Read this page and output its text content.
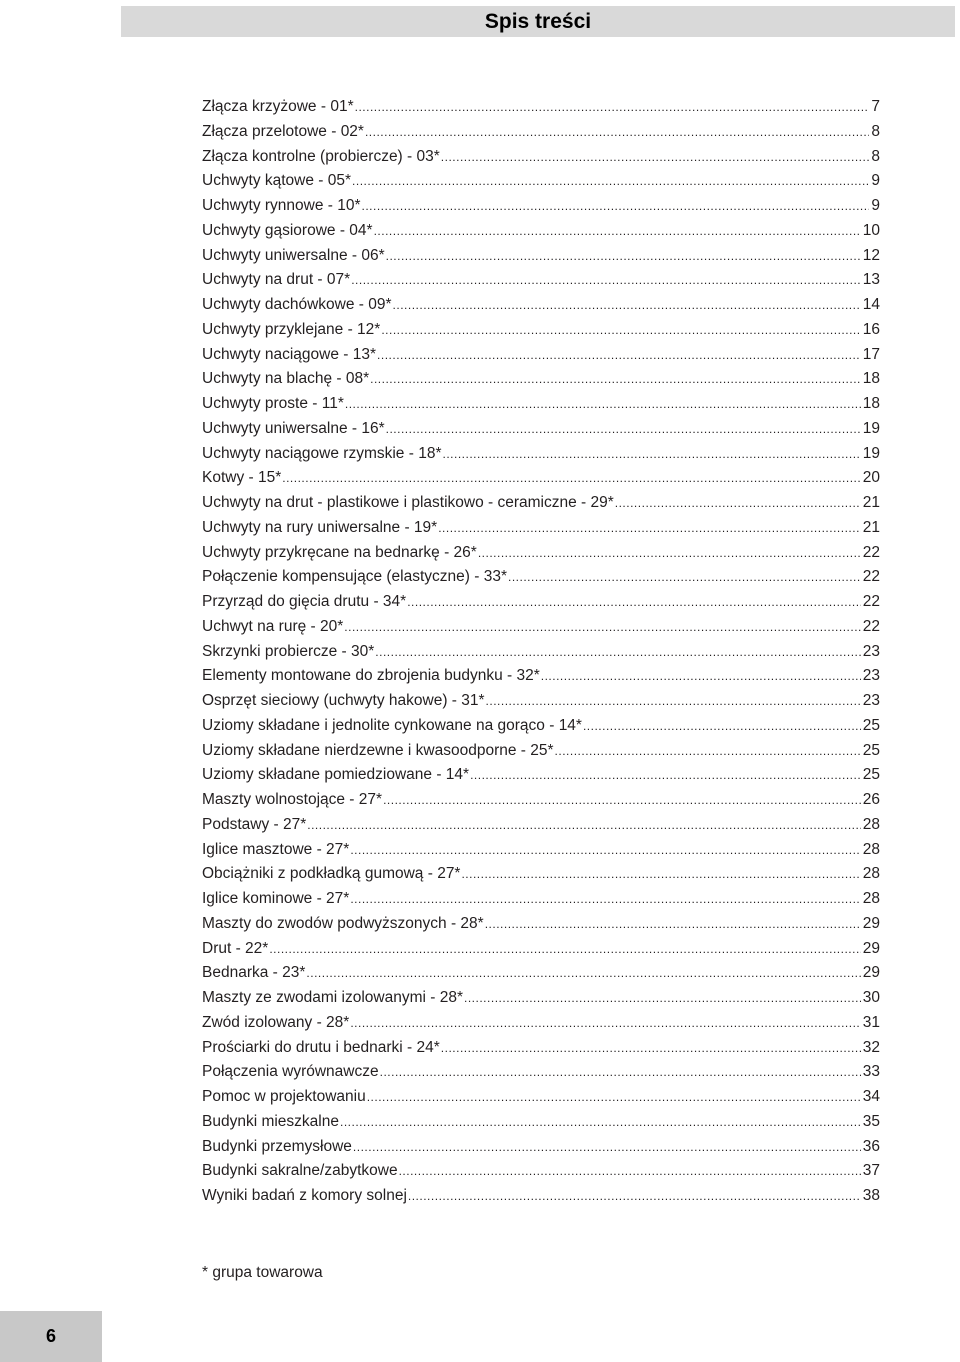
Spis treści
Złącza krzyżowe - 01* .....	7
Złącza przelotowe - 02* .....	8
Złącza kontrolne (probiercze) - 03* .....	8
Uchwyty kątowe - 05* .....	9
Uchwyty rynnowe - 10* .....	9
Uchwyty gąsiorowe - 04* .....	10
Uchwyty uniwersalne - 06* .....	12
Uchwyty na drut - 07* .....	13
Uchwyty dachówkowe - 09* .....	14
Uchwyty przyklejane - 12* .....	16
Uchwyty naciągowe - 13* .....	17
Uchwyty na blachę - 08* .....	18
Uchwyty proste - 11* .....	18
Uchwyty uniwersalne - 16* .....	19
Uchwyty naciągowe rzymskie - 18* .....	19
Kotwy - 15* .....	20
Uchwyty na drut - plastikowe i plastikowo - ceramiczne - 29* .....	21
Uchwyty na rury uniwersalne - 19* .....	21
Uchwyty przykręcane na bednarkę - 26* .....	22
Połączenie kompensujące (elastyczne) - 33* .....	22
Przyrząd do gięcia drutu - 34* .....	22
Uchwyt na rurę - 20* .....	22
Skrzynki probiercze - 30* .....	23
Elementy montowane do zbrojenia budynku - 32* .....	23
Osprzęt sieciowy (uchwyty hakowe) - 31* .....	23
Uziomy składane i jednolite cynkowane na gorąco - 14* .....	25
Uziomy składane nierdzewne i kwasoodporne - 25* .....	25
Uziomy składane pomiedziowane - 14* .....	25
Maszty wolnostojące - 27* .....	26
Podstawy - 27* .....	28
Iglice masztowe - 27* .....	28
Obciążniki z podkładką gumową - 27* .....	28
Iglice kominowe - 27* .....	28
Maszty do zwodów podwyższonych - 28* .....	29
Drut - 22* .....	29
Bednarka - 23* .....	29
Maszty ze zwodami izolowanymi - 28* .....	30
Zwód izolowany - 28* .....	31
Prościarki do drutu i bednarki - 24* .....	32
Połączenia wyrównawcze .....	33
Pomoc w projektowaniu .....	34
Budynki mieszkalne .....	35
Budynki przemysłowe .....	36
Budynki sakralne/zabytkowe .....	37
Wyniki badań z komory solnej .....	38
* grupa towarowa
6
